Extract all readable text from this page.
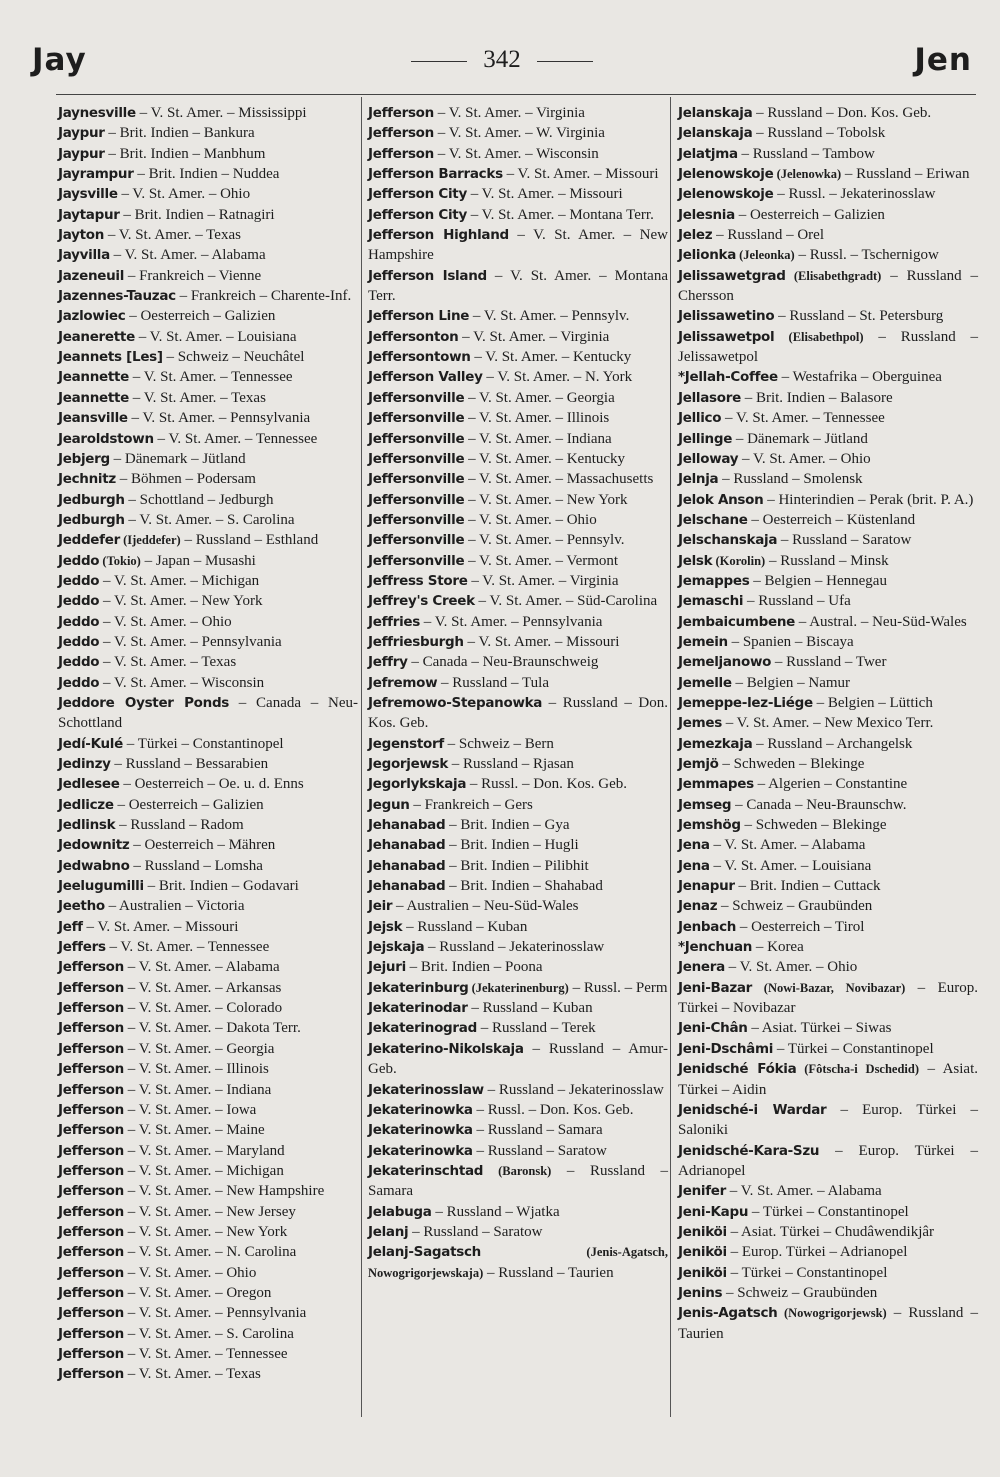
Jay	342	Jen
Jaynesville – V. St. Amer. – Mississippi
Jaypur – Brit. Indien – Bankura
Jaypur – Brit. Indien – Manbhum
Jayrampur – Brit. Indien – Nuddea
Jaysville – V. St. Amer. – Ohio
Jaytapur – Brit. Indien – Ratnagiri
Jayton – V. St. Amer. – Texas
Jayvilla – V. St. Amer. – Alabama
Jazeneuil – Frankreich – Vienne
Jazennes-Tauzac – Frankreich – Charente-Inf.
Jazlowiec – Oesterreich – Galizien
Jeanerette – V. St. Amer. – Louisiana
Jeannets [Les] – Schweiz – Neuchâtel
Jeannette – V. St. Amer. – Tennessee
Jeannette – V. St. Amer. – Texas
Jeansville – V. St. Amer. – Pennsylvania
Jearoldstown – V. St. Amer. – Tennessee
Jebjerg – Dänemark – Jütland
Jechnitz – Böhmen – Podersam
Jedburgh – Schottland – Jedburgh
Jedburgh – V. St. Amer. – S. Carolina
Jeddefer (Ijeddefer) – Russland – Esthland
Jeddo (Tokio) – Japan – Musashi
Jeddo – V. St. Amer. – Michigan
Jeddo – V. St. Amer. – New York
Jeddo – V. St. Amer. – Ohio
Jeddo – V. St. Amer. – Pennsylvania
Jeddo – V. St. Amer. – Texas
Jeddo – V. St. Amer. – Wisconsin
Jeddore Oyster Ponds – Canada – Neu-Schottland
Jedí-Kulé – Türkei – Constantinopel
Jedinzy – Russland – Bessarabien
Jedlesee – Oesterreich – Oe. u. d. Enns
Jedlicze – Oesterreich – Galizien
Jedlinsk – Russland – Radom
Jedownitz – Oesterreich – Mähren
Jedwabno – Russland – Lomsha
Jeelugumilli – Brit. Indien – Godavari
Jeetho – Australien – Victoria
Jeff – V. St. Amer. – Missouri
Jeffers – V. St. Amer. – Tennessee
Jefferson – V. St. Amer. – Alabama
Jefferson – V. St. Amer. – Arkansas
Jefferson – V. St. Amer. – Colorado
Jefferson – V. St. Amer. – Dakota Terr.
Jefferson – V. St. Amer. – Georgia
Jefferson – V. St. Amer. – Illinois
Jefferson – V. St. Amer. – Indiana
Jefferson – V. St. Amer. – Iowa
Jefferson – V. St. Amer. – Maine
Jefferson – V. St. Amer. – Maryland
Jefferson – V. St. Amer. – Michigan
Jefferson – V. St. Amer. – New Hampshire
Jefferson – V. St. Amer. – New Jersey
Jefferson – V. St. Amer. – New York
Jefferson – V. St. Amer. – N. Carolina
Jefferson – V. St. Amer. – Ohio
Jefferson – V. St. Amer. – Oregon
Jefferson – V. St. Amer. – Pennsylvania
Jefferson – V. St. Amer. – S. Carolina
Jefferson – V. St. Amer. – Tennessee
Jefferson – V. St. Amer. – Texas
Jefferson – V. St. Amer. – Virginia
Jefferson – V. St. Amer. – W. Virginia
Jefferson – V. St. Amer. – Wisconsin
Jefferson Barracks – V. St. Amer. – Missouri
Jefferson City – V. St. Amer. – Missouri
Jefferson City – V. St. Amer. – Montana Terr.
Jefferson Highland – V. St. Amer. – New Hampshire
Jefferson Island – V. St. Amer. – Montana Terr.
Jefferson Line – V. St. Amer. – Pennsylv.
Jeffersonton – V. St. Amer. – Virginia
Jeffersontown – V. St. Amer. – Kentucky
Jefferson Valley – V. St. Amer. – N. York
Jeffersonville – V. St. Amer. – Georgia
Jeffersonville – V. St. Amer. – Illinois
Jeffersonville – V. St. Amer. – Indiana
Jeffersonville – V. St. Amer. – Kentucky
Jeffersonville – V. St. Amer. – Massachusetts
Jeffersonville – V. St. Amer. – New York
Jeffersonville – V. St. Amer. – Ohio
Jeffersonville – V. St. Amer. – Pennsylv.
Jeffersonville – V. St. Amer. – Vermont
Jeffress Store – V. St. Amer. – Virginia
Jeffrey's Creek – V. St. Amer. – Süd-Carolina
Jeffries – V. St. Amer. – Pennsylvania
Jeffriesburgh – V. St. Amer. – Missouri
Jeffry – Canada – Neu-Braunschweig
Jefremow – Russland – Tula
Jefremowo-Stepanowka – Russland – Don. Kos. Geb.
Jegenstorf – Schweiz – Bern
Jegorjewsk – Russland – Rjasan
Jegorlykskaja – Russl. – Don. Kos. Geb.
Jegun – Frankreich – Gers
Jehanabad – Brit. Indien – Gya
Jehanabad – Brit. Indien – Hugli
Jehanabad – Brit. Indien – Pilibhit
Jehanabad – Brit. Indien – Shahabad
Jeir – Australien – Neu-Süd-Wales
Jejsk – Russland – Kuban
Jejskaja – Russland – Jekaterinosslaw
Jejuri – Brit. Indien – Poona
Jekaterinburg (Jekaterinenburg) – Russl. – Perm
Jekaterinodar – Russland – Kuban
Jekaterinograd – Russland – Terek
Jekaterino-Nikolskaja – Russland – Amur-Geb.
Jekaterinosslaw – Russland – Jekaterinosslaw
Jekaterinowka – Russl. – Don. Kos. Geb.
Jekaterinowka – Russland – Samara
Jekaterinowka – Russland – Saratow
Jekaterinschtad (Baronsk) – Russland – Samara
Jelabuga – Russland – Wjatka
Jelanj – Russland – Saratow
Jelanj-Sagatsch (Jenis-Agatsch, Nowogrigorjewskaja) – Russland – Taurien
Jelanskaja – Russland – Don. Kos. Geb.
Jelanskaja – Russland – Tobolsk
Jelatjma – Russland – Tambow
Jelenowskoje (Jelenowka) – Russland – Eriwan
Jelenowskoje – Russl. – Jekaterinosslaw
Jelesnia – Oesterreich – Galizien
Jelez – Russland – Orel
Jelionka (Jeleonka) – Russl. – Tschernigow
Jelissawetgrad (Elisabethgradt) – Russland – Chersson
Jelissawetino – Russland – St. Petersburg
Jelissawetpol (Elisabethpol) – Russland – Jelissawetpol
*Jellah-Coffee – Westafrika – Oberguinea
Jellasore – Brit. Indien – Balasore
Jellico – V. St. Amer. – Tennessee
Jellinge – Dänemark – Jütland
Jelloway – V. St. Amer. – Ohio
Jelnja – Russland – Smolensk
Jelok Anson – Hinterindien – Perak (brit. P. A.)
Jelschane – Oesterreich – Küstenland
Jelschanskaja – Russland – Saratow
Jelsk (Korolin) – Russland – Minsk
Jemappes – Belgien – Hennegau
Jemaschi – Russland – Ufa
Jembaicumbene – Austral. – Neu-Süd-Wales
Jemein – Spanien – Biscaya
Jemeljanowo – Russland – Twer
Jemelle – Belgien – Namur
Jemeppe-lez-Liége – Belgien – Lüttich
Jemes – V. St. Amer. – New Mexico Terr.
Jemezkaja – Russland – Archangelsk
Jemjö – Schweden – Blekinge
Jemmapes – Algerien – Constantine
Jemseg – Canada – Neu-Braunschw.
Jemshög – Schweden – Blekinge
Jena – V. St. Amer. – Alabama
Jena – V. St. Amer. – Louisiana
Jenapur – Brit. Indien – Cuttack
Jenaz – Schweiz – Graubünden
Jenbach – Oesterreich – Tirol
*Jenchuan – Korea
Jenera – V. St. Amer. – Ohio
Jeni-Bazar (Nowi-Bazar, Novibazar) – Europ. Türkei – Novibazar
Jeni-Chân – Asiat. Türkei – Siwas
Jeni-Dschâmi – Türkei – Constantinopel
Jenidsché Fókia (Fôtscha-i Dschedid) – Asiat. Türkei – Aidin
Jenidsché-i Wardar – Europ. Türkei – Saloniki
Jenidsché-Kara-Szu – Europ. Türkei – Adrianopel
Jenifer – V. St. Amer. – Alabama
Jeni-Kapu – Türkei – Constantinopel
Jeniköi – Asiat. Türkei – Chudâwendikjâr
Jeniköi – Europ. Türkei – Adrianopel
Jeniköi – Türkei – Constantinopel
Jenins – Schweiz – Graubünden
Jenis-Agatsch (Nowogrigorjewsk) – Russland – Taurien
